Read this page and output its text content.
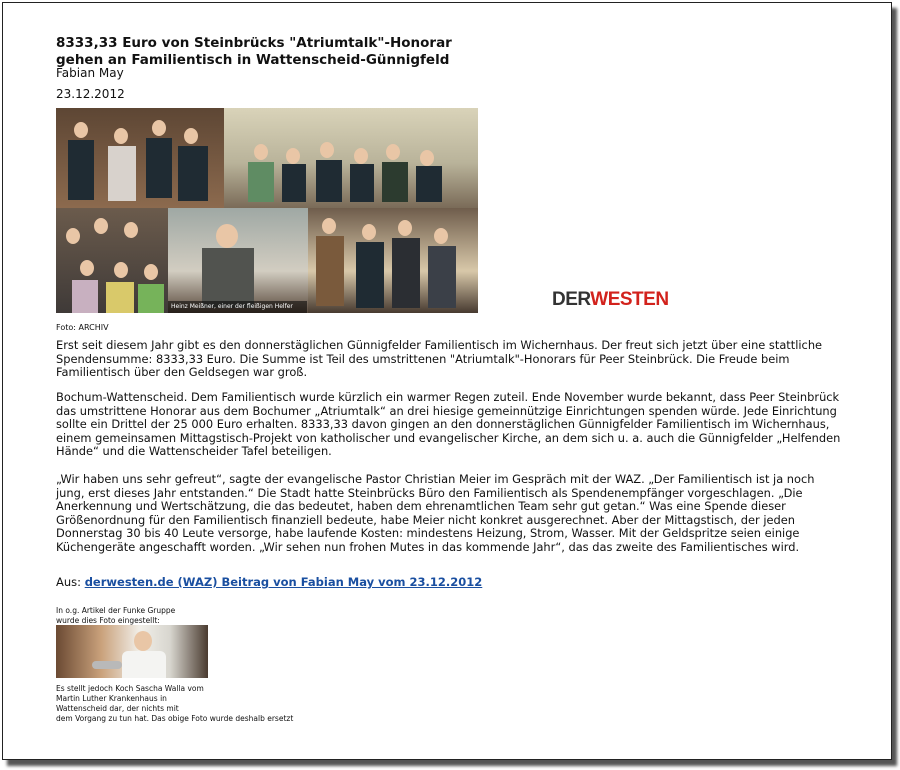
8333,33 Euro von Steinbrücks "Atriumtalk"-Honorar
gehen an Familientisch in Wattenscheid-Günnigfeld
Fabian May
23.12.2012
Heinz Meißner, einer der fleißigen Helfer	DERWESTEN
Foto: ARCHIV
Erst seit diesem Jahr gibt es den donnerstäglichen Günnigfelder Familientisch im Wichernhaus. Der freut sich jetzt über eine stattliche Spendensumme: 8333,33 Euro. Die Summe ist Teil des umstrittenen "Atriumtalk"-Honorars für Peer Steinbrück. Die Freude beim Familientisch über den Geldsegen war groß.
Bochum-Wattenscheid. Dem Familientisch wurde kürzlich ein warmer Regen zuteil. Ende November wurde bekannt, dass Peer Steinbrück das umstrittene Honorar aus dem Bochumer „Atriumtalk“ an drei hiesige gemeinnützige Einrichtungen spenden würde. Jede Einrichtung sollte ein Drittel der 25 000 Euro erhalten. 8333,33 davon gingen an den donnerstäglichen Günnigfelder Familientisch im Wichernhaus, einem gemeinsamen Mittagstisch-Projekt von katholischer und evangelischer Kirche, an dem sich u. a. auch die Günnigfelder „Helfenden Hände“ und die Wattenscheider Tafel beteiligen.
„Wir haben uns sehr gefreut“, sagte der evangelische Pastor Christian Meier im Gespräch mit der WAZ. „Der Familientisch ist ja noch jung, erst dieses Jahr entstanden.“ Die Stadt hatte Steinbrücks Büro den Familientisch als Spendenempfänger vorgeschlagen. „Die Anerkennung und Wertschätzung, die das bedeutet, haben dem ehrenamtlichen Team sehr gut getan.“ Was eine Spende dieser Größenordnung für den Familientisch finanziell bedeute, habe Meier nicht konkret ausgerechnet. Aber der Mittagstisch, der jeden Donnerstag 30 bis 40 Leute versorge, habe laufende Kosten: mindestens Heizung, Strom, Wasser. Mit der Geldspritze seien einige Küchengeräte angeschafft worden. „Wir sehen nun frohen Mutes in das kommende Jahr“, das das zweite des Familientisches wird.
Aus: derwesten.de (WAZ) Beitrag von Fabian May vom 23.12.2012
In o.g. Artikel der Funke Gruppe
wurde dies Foto eingestellt:
Es stellt jedoch Koch Sascha Walla vom
Martin Luther Krankenhaus in
Wattenscheid dar, der nichts mit
dem Vorgang zu tun hat. Das obige Foto wurde deshalb ersetzt
